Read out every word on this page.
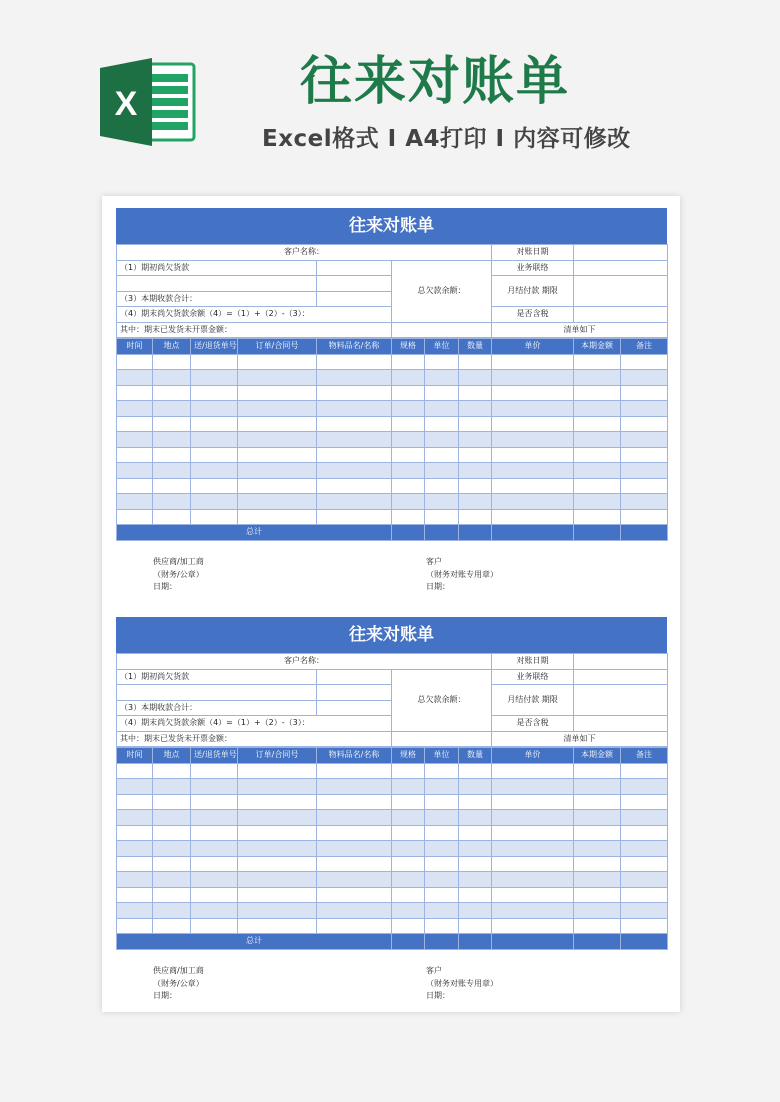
X	往来对账单
Excel格式 I A4打印 I 内容可修改
往来对账单
客户名称：			对账日期	
（1）期初尚欠货款		总欠款余额：	业务联络	
			月结付款 期限	
（3）本期收款合计：				
（4）期末尚欠货款余额（4）=（1）+（2）-（3）：			是否含税	
其中：期末已发货未开票金额：			清单如下	
时间	地点	送/退货单号	订单/合同号	物料品名/名称	规格	单位	数量	单价	本期金额	备注

总计										
供应商/加工商
（财务/公章）
日期：
客户
（财务对账专用章）
日期：
往来对账单
客户名称：			对账日期	
（1）期初尚欠货款		总欠款余额：	业务联络	
			月结付款 期限	
（3）本期收款合计：				
（4）期末尚欠货款余额（4）=（1）+（2）-（3）：			是否含税	
其中：期末已发货未开票金额：			清单如下	
时间	地点	送/退货单号	订单/合同号	物料品名/名称	规格	单位	数量	单价	本期金额	备注

总计										
供应商/加工商
（财务/公章）
日期：
客户
（财务对账专用章）
日期：
